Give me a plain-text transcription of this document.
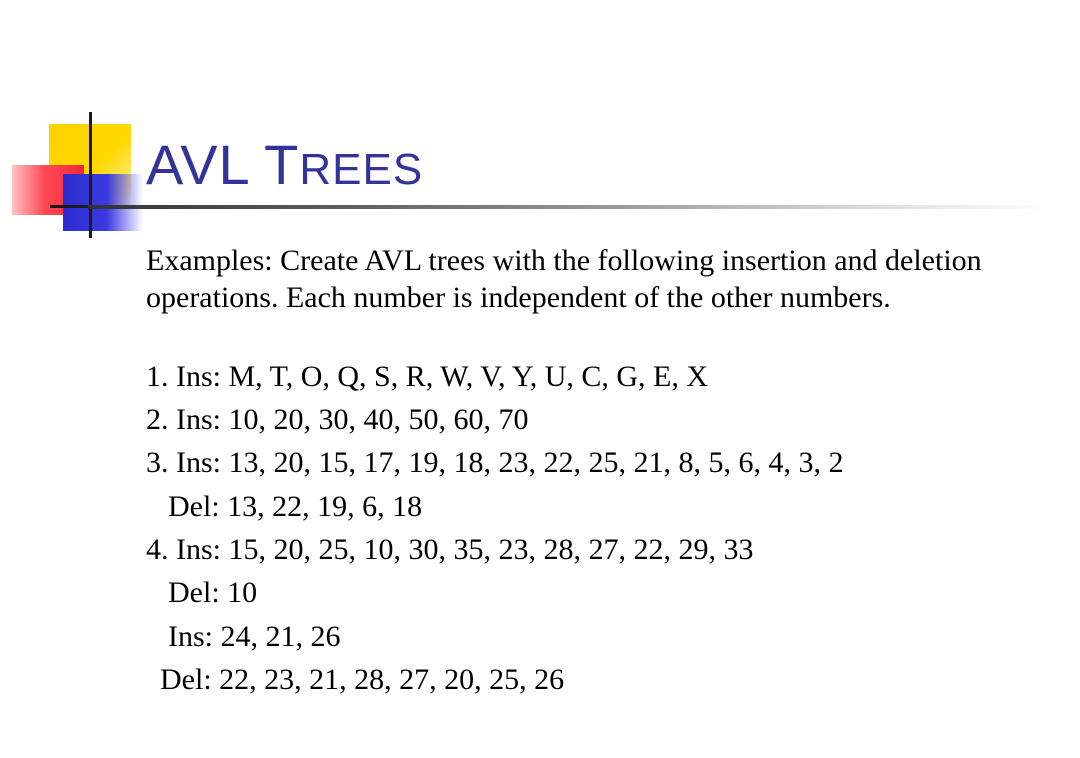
AVL TREES

Examples: Create AVL trees with the following insertion and deletion operations. Each number is independent of the other numbers.

1. Ins: M, T, O, Q, S, R, W, V, Y, U, C, G, E, X

2. Ins: 10, 20, 30, 40, 50, 60, 70

3. Ins: 13, 20, 15, 17, 19, 18, 23, 22, 25, 21, 8, 5, 6, 4, 3, 2

Del: 13, 22, 19, 6, 18

4. Ins: 15, 20, 25, 10, 30, 35, 23, 28, 27, 22, 29, 33

Del: 10

Ins: 24, 21, 26

Del: 22, 23, 21, 28, 27, 20, 25, 26
